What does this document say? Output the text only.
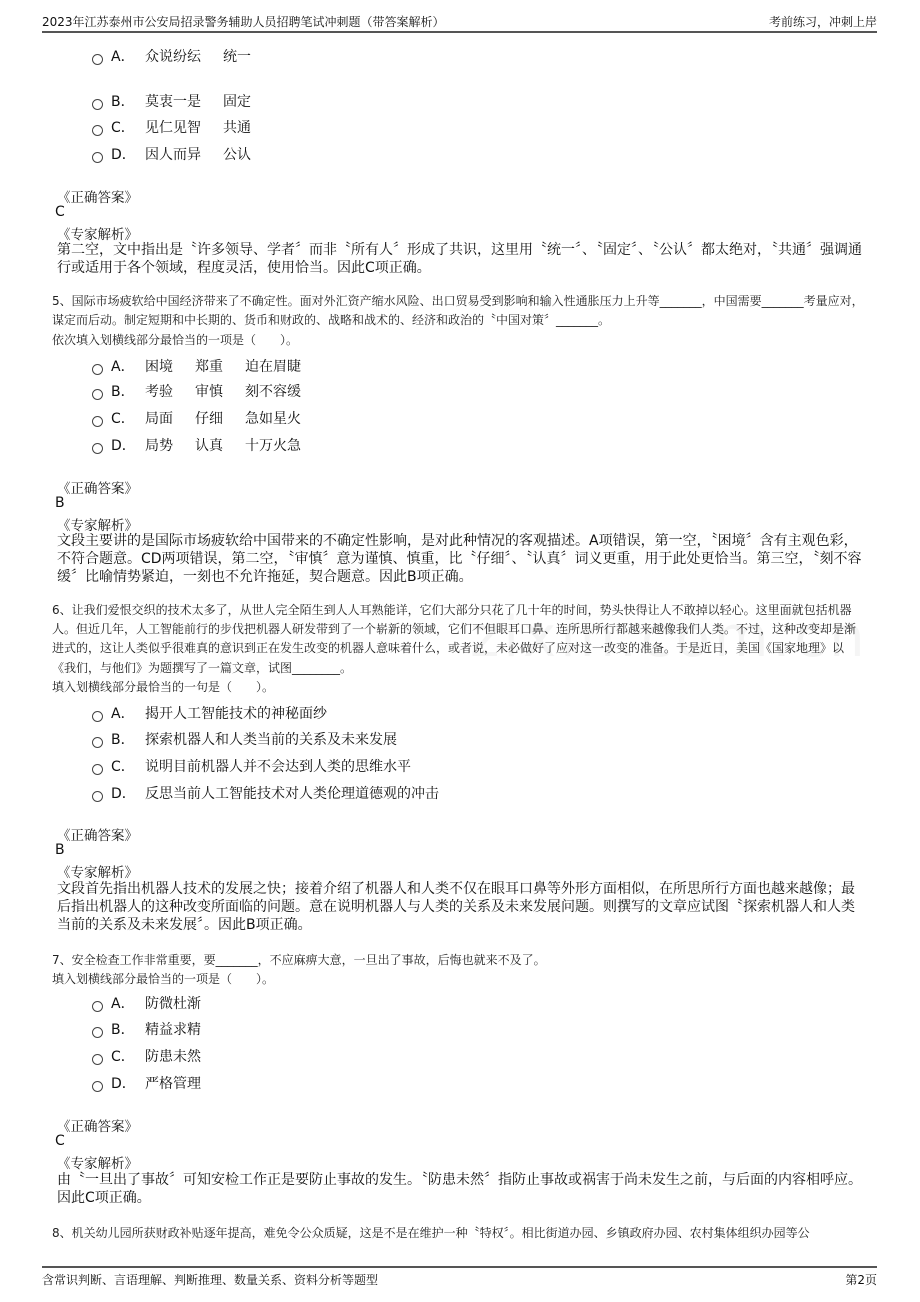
2023年江苏泰州市公安局招录警务辅助人员招聘笔试冲刺题（带答案解析）	考前练习，冲刺上岸
A． 众说纷纭 统一
B． 莫衷一是 固定
C． 见仁见智 共通
D． 因人而异 公认
《正确答案》
C
《专家解析》
第二空，文中指出是〝许多领导、学者〞而非〝所有人〞形成了共识，这里用〝统一〞、〝固定〞、〝公认〞都太绝对，〝共通〞强调通行或适用于各个领域，程度灵活，使用恰当。因此C项正确。
5、国际市场疲软给中国经济带来了不确定性。面对外汇资产缩水风险、出口贸易受到影响和输入性通胀压力上升等_______，中国需要_______考量应对，谋定而后动。制定短期和中长期的、货币和财政的、战略和战术的、经济和政治的〝中国对策〞_______。
依次填入划横线部分最恰当的一项是（　　）。
A． 困境 郑重 迫在眉睫
B． 考验 审慎 刻不容缓
C． 局面 仔细 急如星火
D． 局势 认真 十万火急
《正确答案》
B
《专家解析》
文段主要讲的是国际市场疲软给中国带来的不确定性影响，是对此种情况的客观描述。A项错误，第一空，〝困境〞含有主观色彩，不符合题意。CD两项错误，第二空，〝审慎〞意为谨慎、慎重，比〝仔细〞、〝认真〞词义更重，用于此处更恰当。第三空，〝刻不容缓〞比喻情势紧迫，一刻也不允许拖延，契合题意。因此B项正确。
6、让我们爱恨交织的技术太多了，从世人完全陌生到人人耳熟能详，它们大部分只花了几十年的时间，势头快得让人不敢掉以轻心。这里面就包括机器人。但近几年，人工智能前行的步伐把机器人研发带到了一个崭新的领域，它们不但眼耳口鼻、连所思所行都越来越像我们人类。不过，这种改变却是渐进式的，这让人类似乎很难真的意识到正在发生改变的机器人意味着什么，或者说，未必做好了应对这一改变的准备。于是近日，美国《国家地理》以《我们，与他们》为题撰写了一篇文章，试图________。
填入划横线部分最恰当的一句是（　　）。
A． 揭开人工智能技术的神秘面纱
B． 探索机器人和人类当前的关系及未来发展
C． 说明目前机器人并不会达到人类的思维水平
D． 反思当前人工智能技术对人类伦理道德观的冲击
《正确答案》
B
《专家解析》
文段首先指出机器人技术的发展之快；接着介绍了机器人和人类不仅在眼耳口鼻等外形方面相似，在所思所行方面也越来越像；最后指出机器人的这种改变所面临的问题。意在说明机器人与人类的关系及未来发展问题。则撰写的文章应试图〝探索机器人和人类当前的关系及未来发展〞。因此B项正确。
7、安全检查工作非常重要，要_______，不应麻痹大意，一旦出了事故，后悔也就来不及了。
填入划横线部分最恰当的一项是（　　）。
A． 防微杜渐
B． 精益求精
C． 防患未然
D． 严格管理
《正确答案》
C
《专家解析》
由〝一旦出了事故〞可知安检工作正是要防止事故的发生。〝防患未然〞指防止事故或祸害于尚未发生之前，与后面的内容相呼应。因此C项正确。
8、机关幼儿园所获财政补贴逐年提高，难免令公众质疑，这是不是在维护一种〝特权〞。相比街道办园、乡镇政府办园、农村集体组织办园等公
含常识判断、言语理解、判断推理、数量关系、资料分析等题型	第2页
